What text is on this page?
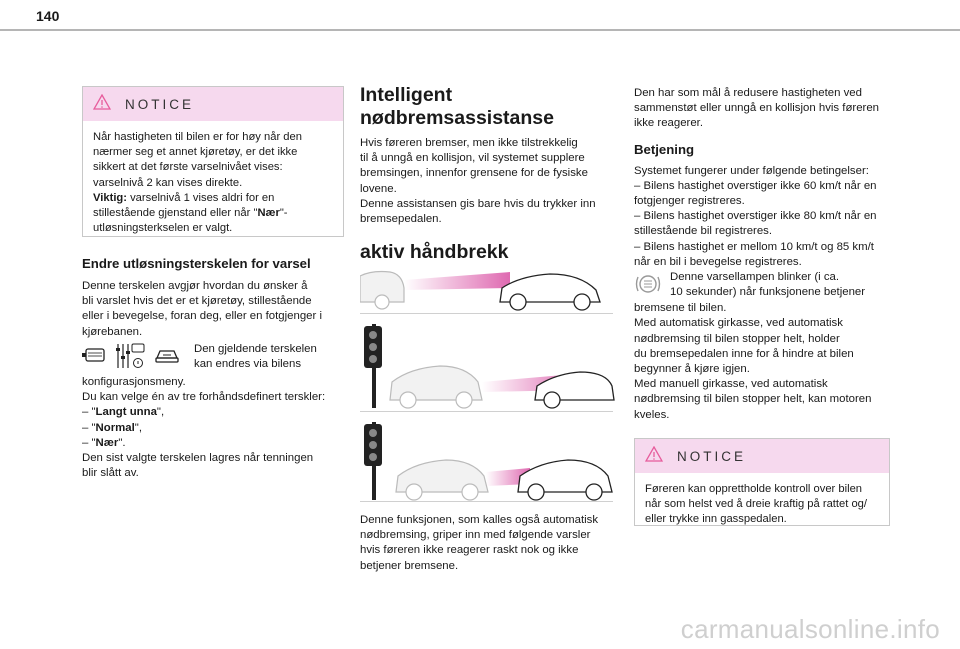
140
NOTICE
Når hastigheten til bilen er for høy når den
nærmer seg et annet kjøretøy, er det ikke
sikkert at det første varselnivået vises:
varselnivå 2 kan vises direkte.
Viktig: varselnivå 1 vises aldri for en
stillestående gjenstand eller når "Nær"-
utløsningsterkselen er valgt.
Endre utløsningsterskelen for varsel

Denne terskelen avgjør hvordan du ønsker å

bli varslet hvis det er et kjøretøy, stillestående

eller i bevegelse, foran deg, eller en fotgjenger i

kjørebanen.

Den gjeldende terskelen

kan endres via bilens

konfigurasjonsmeny.

Du kan velge én av tre forhåndsdefinert terskler:

– "Langt unna",

– "Normal",

– "Nær".

Den sist valgte terskelen lagres når tenningen

blir slått av.

Intelligent
nødbremsassistanse

Hvis føreren bremser, men ikke tilstrekkelig

til å unngå en kollisjon, vil systemet supplere

bremsingen, innenfor grensene for de fysiske

lovene.

Denne assistansen gis bare hvis du trykker inn

bremsepedalen.

aktiv håndbrekk

Denne funksjonen, som kalles også automatisk

nødbremsing, griper inn med følgende varsler

hvis føreren ikke reagerer raskt nok og ikke

betjener bremsene.

Den har som mål å redusere hastigheten ved

sammenstøt eller unngå en kollisjon hvis føreren

ikke reagerer.

Betjening

Systemet fungerer under følgende betingelser:

– Bilens hastighet overstiger ikke 60 km/t når en

fotgjenger registreres.

– Bilens hastighet overstiger ikke 80 km/t når en

stillestående bil registreres.

– Bilens hastighet er mellom 10 km/t og 85 km/t

når en bil i bevegelse registreres.

Denne varsellampen blinker (i ca.

10 sekunder) når funksjonene betjener

bremsene til bilen.

Med automatisk girkasse, ved automatisk

nødbremsing til bilen stopper helt, holder

du bremsepedalen inne for å hindre at bilen

begynner å kjøre igjen.

Med manuell girkasse, ved automatisk

nødbremsing til bilen stopper helt, kan motoren

kveles.

NOTICE
Føreren kan opprettholde kontroll over bilen
når som helst ved å dreie kraftig på rattet og/
eller trykke inn gasspedalen.
carmanualsonline.info
